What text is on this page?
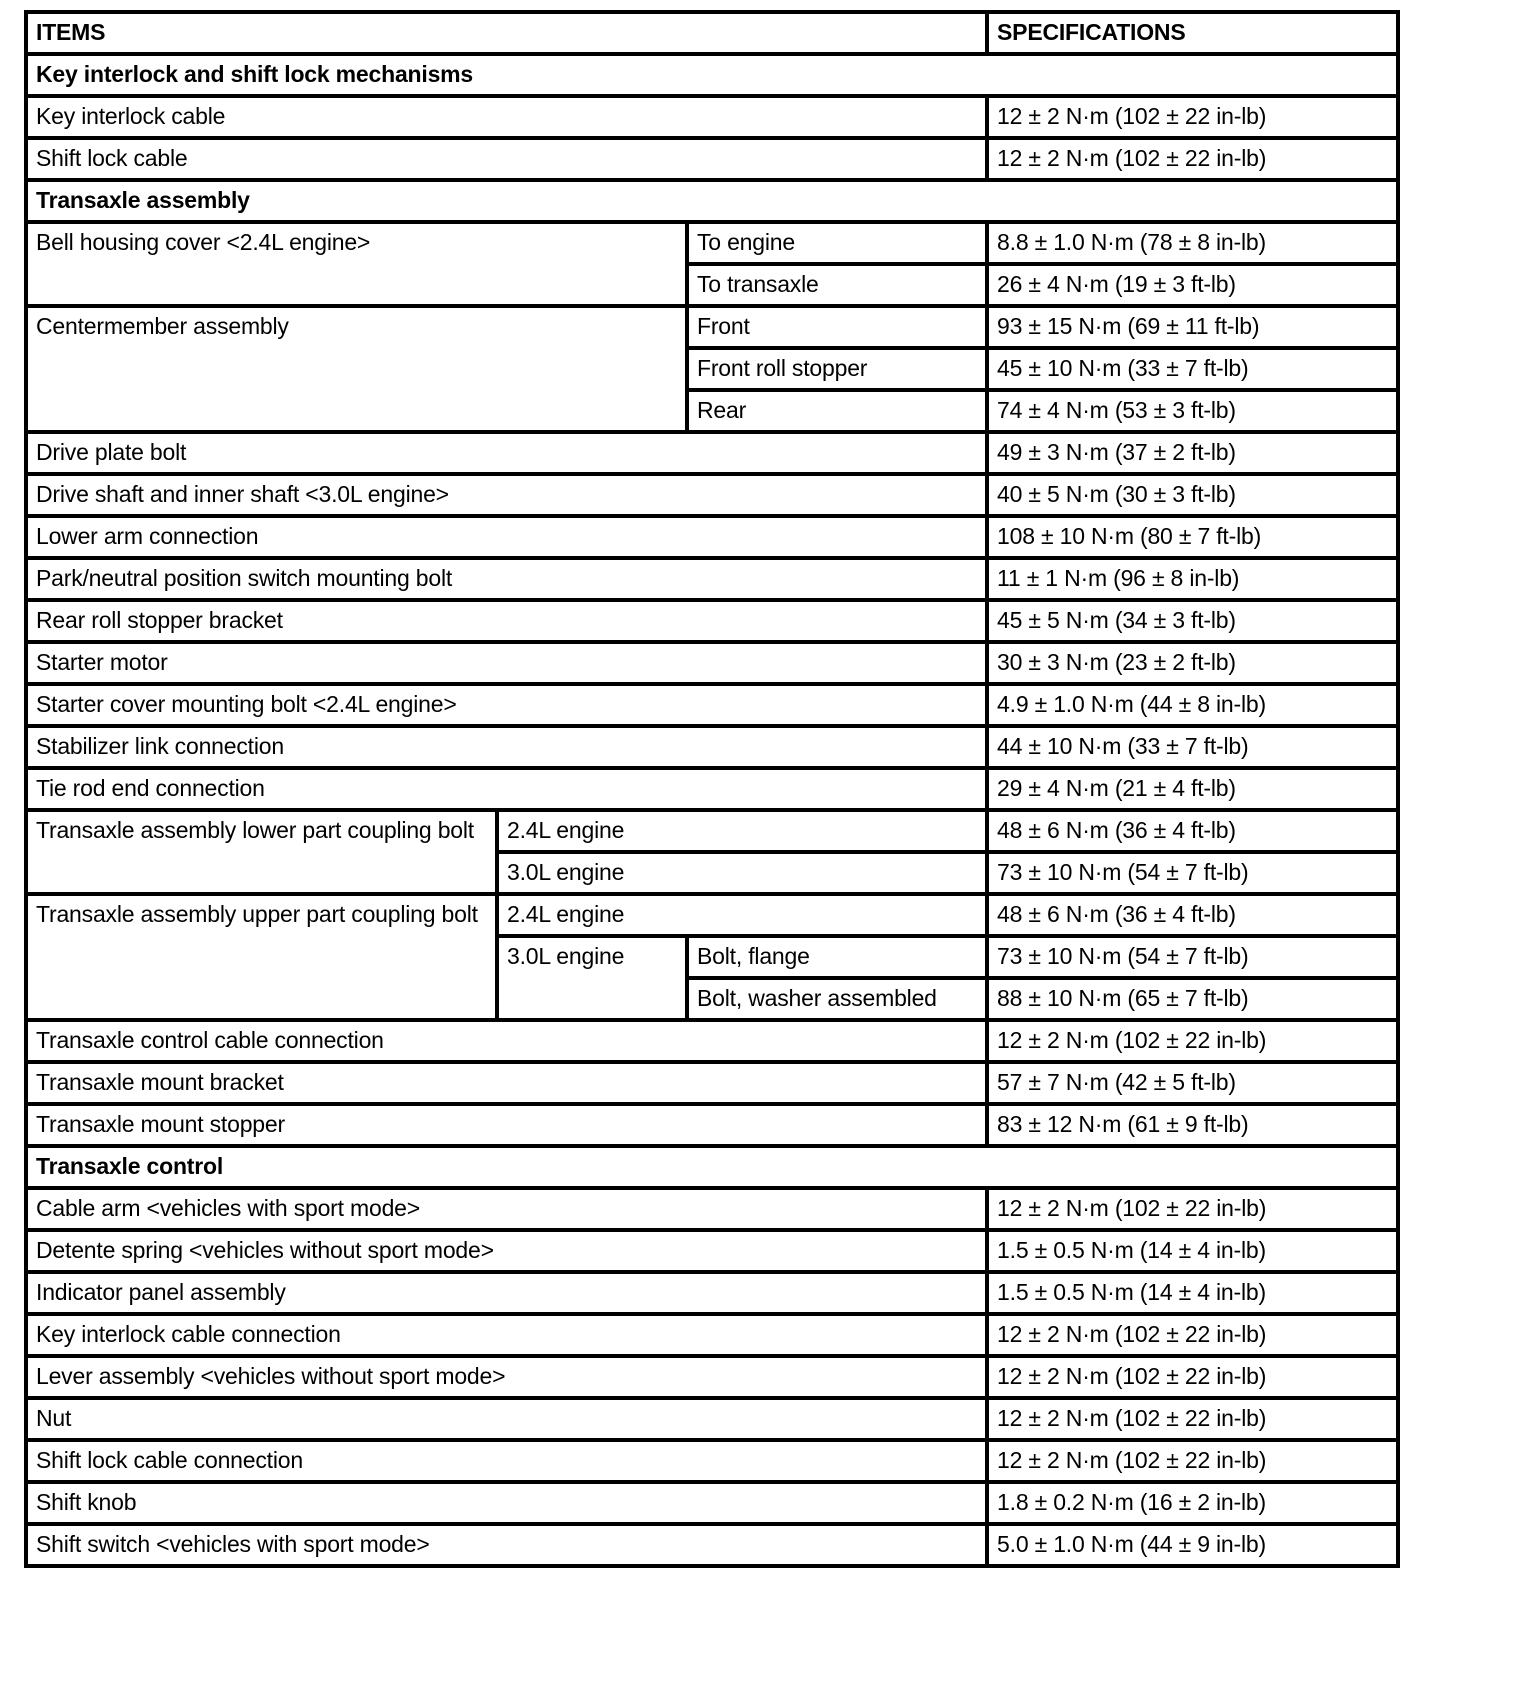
ITEMS			SPECIFICATIONS
Key interlock and shift lock mechanisms			
Key interlock cable			12 ± 2 N·m (102 ± 22 in-lb)
Shift lock cable			12 ± 2 N·m (102 ± 22 in-lb)
Transaxle assembly			
Bell housing cover <2.4L engine>		To engine	8.8 ± 1.0 N·m (78 ± 8 in-lb)
		To transaxle	26 ± 4 N·m (19 ± 3 ft-lb)
Centermember assembly		Front	93 ± 15 N·m (69 ± 11 ft-lb)
		Front roll stopper	45 ± 10 N·m (33 ± 7 ft-lb)
		Rear	74 ± 4 N·m (53 ± 3 ft-lb)
Drive plate bolt			49 ± 3 N·m (37 ± 2 ft-lb)
Drive shaft and inner shaft <3.0L engine>			40 ± 5 N·m (30 ± 3 ft-lb)
Lower arm connection			108 ± 10 N·m (80 ± 7 ft-lb)
Park/neutral position switch mounting bolt			11 ± 1 N·m (96 ± 8 in-lb)
Rear roll stopper bracket			45 ± 5 N·m (34 ± 3 ft-lb)
Starter motor			30 ± 3 N·m (23 ± 2 ft-lb)
Starter cover mounting bolt <2.4L engine>			4.9 ± 1.0 N·m (44 ± 8 in-lb)
Stabilizer link connection			44 ± 10 N·m (33 ± 7 ft-lb)
Tie rod end connection			29 ± 4 N·m (21 ± 4 ft-lb)
Transaxle assembly lower part coupling bolt	2.4L engine		48 ± 6 N·m (36 ± 4 ft-lb)
	3.0L engine		73 ± 10 N·m (54 ± 7 ft-lb)
Transaxle assembly upper part coupling bolt	2.4L engine		48 ± 6 N·m (36 ± 4 ft-lb)
	3.0L engine	Bolt, flange	73 ± 10 N·m (54 ± 7 ft-lb)
		Bolt, washer assembled	88 ± 10 N·m (65 ± 7 ft-lb)
Transaxle control cable connection			12 ± 2 N·m (102 ± 22 in-lb)
Transaxle mount bracket			57 ± 7 N·m (42 ± 5 ft-lb)
Transaxle mount stopper			83 ± 12 N·m (61 ± 9 ft-lb)
Transaxle control			
Cable arm <vehicles with sport mode>			12 ± 2 N·m (102 ± 22 in-lb)
Detente spring <vehicles without sport mode>			1.5 ± 0.5 N·m (14 ± 4 in-lb)
Indicator panel assembly			1.5 ± 0.5 N·m (14 ± 4 in-lb)
Key interlock cable connection			12 ± 2 N·m (102 ± 22 in-lb)
Lever assembly <vehicles without sport mode>			12 ± 2 N·m (102 ± 22 in-lb)
Nut			12 ± 2 N·m (102 ± 22 in-lb)
Shift lock cable connection			12 ± 2 N·m (102 ± 22 in-lb)
Shift knob			1.8 ± 0.2 N·m (16 ± 2 in-lb)
Shift switch <vehicles with sport mode>			5.0 ± 1.0 N·m (44 ± 9 in-lb)
